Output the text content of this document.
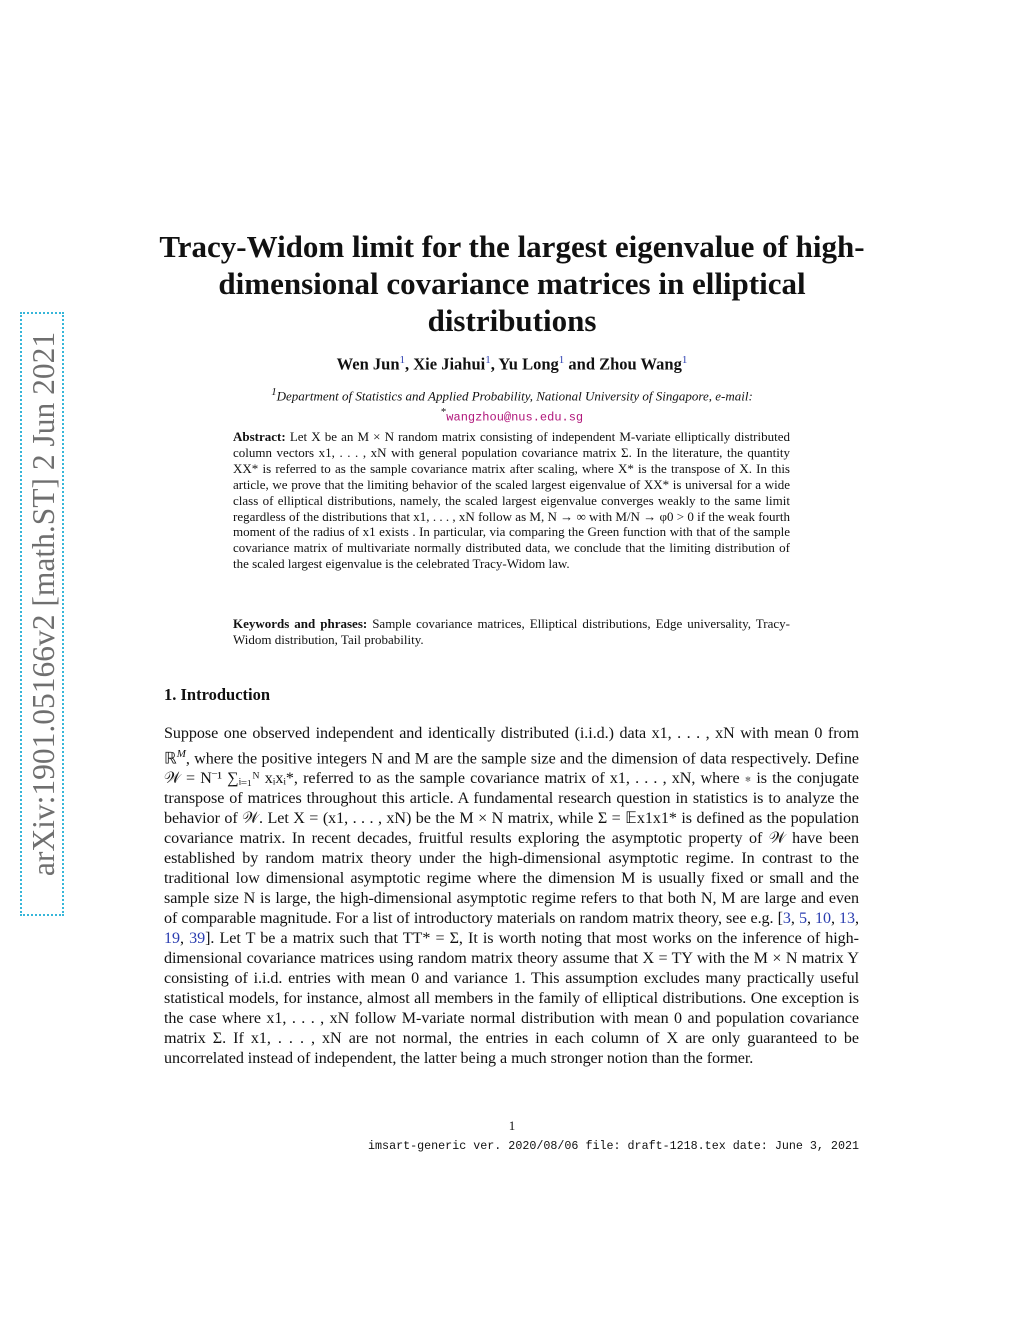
arXiv:1901.05166v2 [math.ST] 2 Jun 2021
Tracy-Widom limit for the largest eigenvalue of high-dimensional covariance matrices in elliptical distributions
Wen Jun$^1$, Xie Jiahui$^1$, Yu Long$^1$ and Zhou Wang$^1$
$^1$Department of Statistics and Applied Probability, National University of Singapore, e-mail:
*wangzhou@nus.edu.sg
Abstract: Let X be an M × N random matrix consisting of independent M-variate elliptically distributed column vectors x1, . . . , xN with general population covariance matrix Σ. In the literature, the quantity XX* is referred to as the sample covariance matrix after scaling, where X* is the transpose of X. In this article, we prove that the limiting behavior of the scaled largest eigenvalue of XX* is universal for a wide class of elliptical distributions, namely, the scaled largest eigenvalue converges weakly to the same limit regardless of the distributions that x1, . . . , xN follow as M, N → ∞ with M/N → φ0 > 0 if the weak fourth moment of the radius of x1 exists . In particular, via comparing the Green function with that of the sample covariance matrix of multivariate normally distributed data, we conclude that the limiting distribution of the scaled largest eigenvalue is the celebrated Tracy-Widom law.
Keywords and phrases: Sample covariance matrices, Elliptical distributions, Edge universality, Tracy-Widom distribution, Tail probability.
1. Introduction
Suppose one observed independent and identically distributed (i.i.d.) data x1, . . . , xN with mean 0 from ℝ$^M$, where the positive integers N and M are the sample size and the dimension of data respectively. Define 𝒲 = N⁻¹ ∑ᵢ₌₁ᴺ xᵢxᵢ*, referred to as the sample covariance matrix of x1, . . . , xN, where ∗ is the conjugate transpose of matrices throughout this article. A fundamental research question in statistics is to analyze the behavior of 𝒲. Let X = (x1, . . . , xN) be the M × N matrix, while Σ = 𝔼x1x1* is defined as the population covariance matrix. In recent decades, fruitful results exploring the asymptotic property of 𝒲 have been established by random matrix theory under the high-dimensional asymptotic regime. In contrast to the traditional low dimensional asymptotic regime where the dimension M is usually fixed or small and the sample size N is large, the high-dimensional asymptotic regime refers to that both N, M are large and even of comparable magnitude. For a list of introductory materials on random matrix theory, see e.g. [3, 5, 10, 13, 19, 39]. Let T be a matrix such that TT* = Σ, It is worth noting that most works on the inference of high-dimensional covariance matrices using random matrix theory assume that X = TY with the M × N matrix Y consisting of i.i.d. entries with mean 0 and variance 1. This assumption excludes many practically useful statistical models, for instance, almost all members in the family of elliptical distributions. One exception is the case where x1, . . . , xN follow M-variate normal distribution with mean 0 and population covariance matrix Σ. If x1, . . . , xN are not normal, the entries in each column of X are only guaranteed to be uncorrelated instead of independent, the latter being a much stronger notion than the former.
1
imsart-generic ver. 2020/08/06 file: draft-1218.tex date: June 3, 2021
